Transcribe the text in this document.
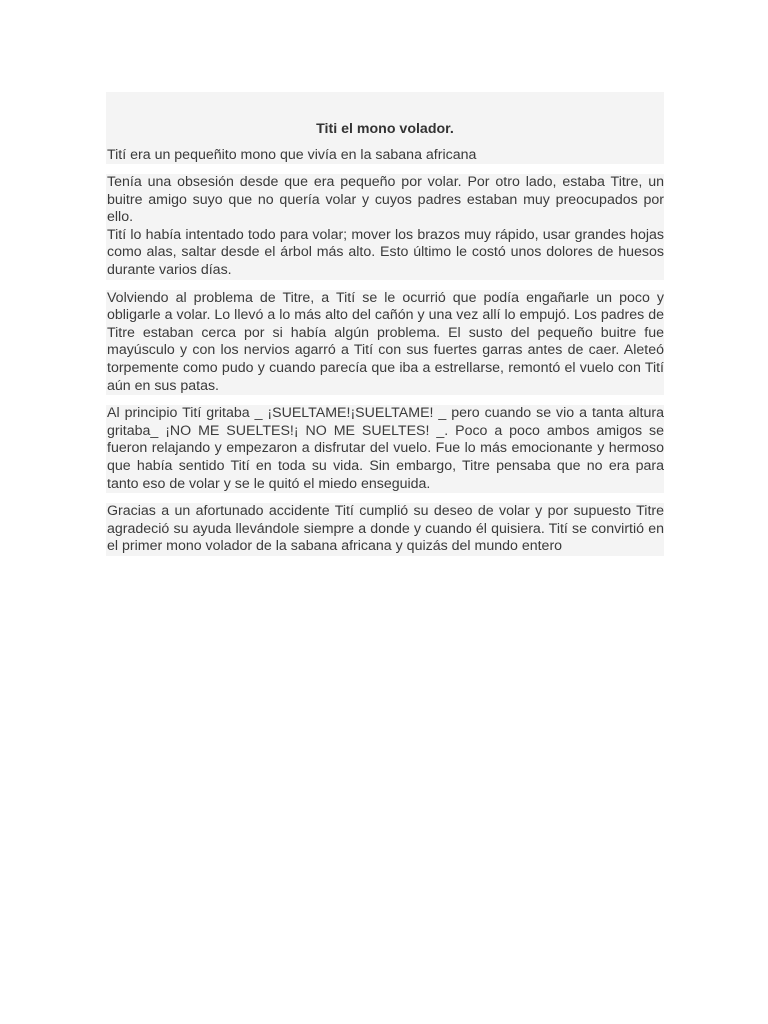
Titi el mono volador.

Tití era un pequeñito mono que vivía en la sabana africana

Tenía una obsesión desde que era pequeño por volar. Por otro lado, estaba Titre, un buitre amigo suyo que no quería volar y cuyos padres estaban muy preocupados por ello.

Tití lo había intentado todo para volar; mover los brazos muy rápido, usar grandes hojas como alas, saltar desde el árbol más alto. Esto último le costó unos dolores de huesos durante varios días.

Volviendo al problema de Titre, a Tití se le ocurrió que podía engañarle un poco y obligarle a volar. Lo llevó a lo más alto del cañón y una vez allí lo empujó. Los padres de Titre estaban cerca por si había algún problema. El susto del pequeño buitre fue mayúsculo y con los nervios agarró a Tití con sus fuertes garras antes de caer. Aleteó torpemente como pudo y cuando parecía que iba a estrellarse, remontó el vuelo con Tití aún en sus patas.

Al principio Tití gritaba _ ¡SUELTAME!¡SUELTAME! _ pero cuando se vio a tanta altura gritaba_ ¡NO ME SUELTES!¡ NO ME SUELTES! _. Poco a poco ambos amigos se fueron relajando y empezaron a disfrutar del vuelo. Fue lo más emocionante y hermoso que había sentido Tití en toda su vida. Sin embargo, Titre pensaba que no era para tanto eso de volar y se le quitó el miedo enseguida.

Gracias a un afortunado accidente Tití cumplió su deseo de volar y por supuesto Titre agradeció su ayuda llevándole siempre a donde y cuando él quisiera. Tití se convirtió en el primer mono volador de la sabana africana y quizás del mundo entero
